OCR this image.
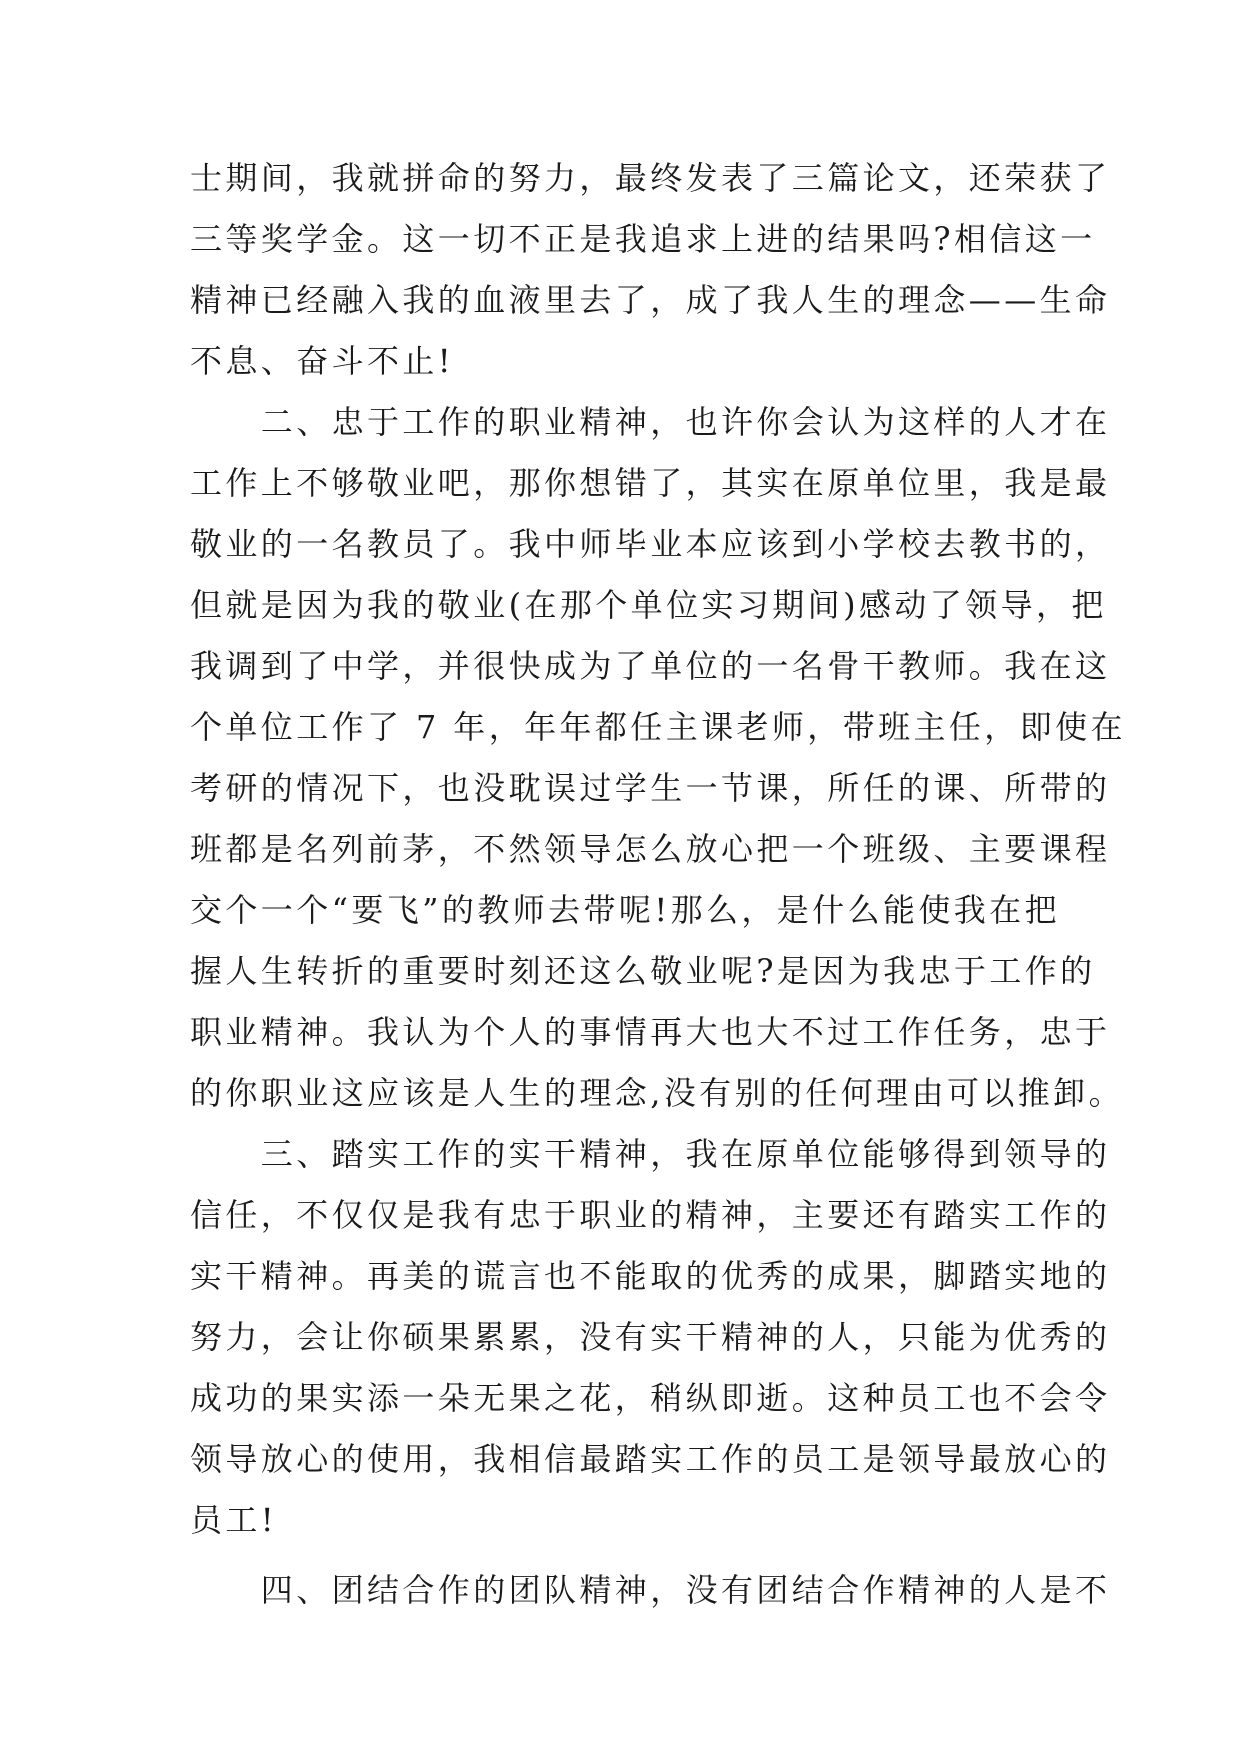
士期间，我就拼命的努力，最终发表了三篇论文，还荣获了
三等奖学金。这一切不正是我追求上进的结果吗?相信这一
精神已经融入我的血液里去了，成了我人生的理念——生命
不息、奋斗不止!
　　二、忠于工作的职业精神，也许你会认为这样的人才在
工作上不够敬业吧，那你想错了，其实在原单位里，我是最
敬业的一名教员了。我中师毕业本应该到小学校去教书的，
但就是因为我的敬业(在那个单位实习期间)感动了领导，把
我调到了中学，并很快成为了单位的一名骨干教师。我在这
个单位工作了 7 年，年年都任主课老师，带班主任，即使在
考研的情况下，也没耽误过学生一节课，所任的课、所带的
班都是名列前茅，不然领导怎么放心把一个班级、主要课程
交个一个“要飞”的教师去带呢!那么，是什么能使我在把
握人生转折的重要时刻还这么敬业呢?是因为我忠于工作的
职业精神。我认为个人的事情再大也大不过工作任务，忠于
的你职业这应该是人生的理念,没有别的任何理由可以推卸。
　　三、踏实工作的实干精神，我在原单位能够得到领导的
信任，不仅仅是我有忠于职业的精神，主要还有踏实工作的
实干精神。再美的谎言也不能取的优秀的成果，脚踏实地的
努力，会让你硕果累累，没有实干精神的人，只能为优秀的
成功的果实添一朵无果之花，稍纵即逝。这种员工也不会令
领导放心的使用，我相信最踏实工作的员工是领导最放心的
员工!
　　四、团结合作的团队精神，没有团结合作精神的人是不
